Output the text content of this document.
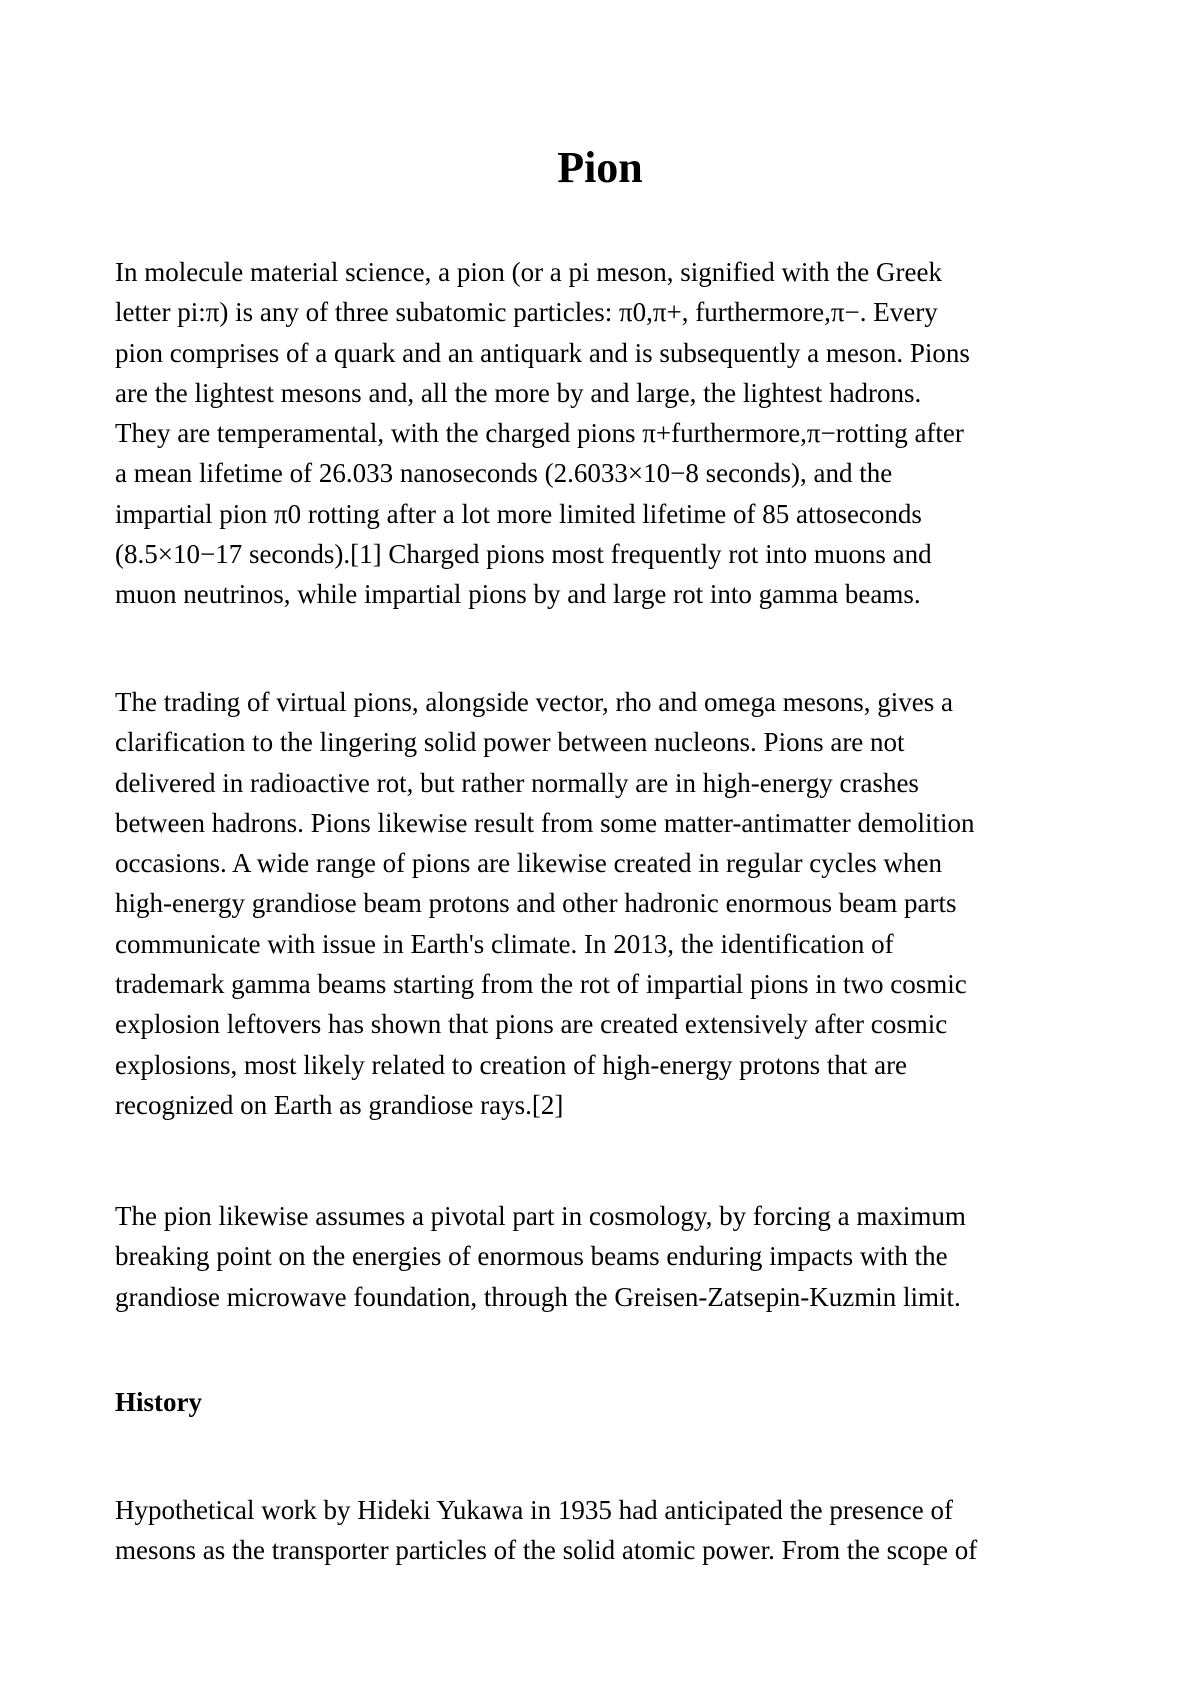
Pion

In molecule material science, a pion (or a pi meson, signified with the Greek
letter pi:π) is any of three subatomic particles: π0,π+, furthermore,π−. Every
pion comprises of a quark and an antiquark and is subsequently a meson. Pions
are the lightest mesons and, all the more by and large, the lightest hadrons.
They are temperamental, with the charged pions π+furthermore,π−rotting after
a mean lifetime of 26.033 nanoseconds (2.6033×10−8 seconds), and the
impartial pion π0 rotting after a lot more limited lifetime of 85 attoseconds
(8.5×10−17 seconds).[1] Charged pions most frequently rot into muons and
muon neutrinos, while impartial pions by and large rot into gamma beams.

The trading of virtual pions, alongside vector, rho and omega mesons, gives a
clarification to the lingering solid power between nucleons. Pions are not
delivered in radioactive rot, but rather normally are in high-energy crashes
between hadrons. Pions likewise result from some matter-antimatter demolition
occasions. A wide range of pions are likewise created in regular cycles when
high-energy grandiose beam protons and other hadronic enormous beam parts
communicate with issue in Earth's climate. In 2013, the identification of
trademark gamma beams starting from the rot of impartial pions in two cosmic
explosion leftovers has shown that pions are created extensively after cosmic
explosions, most likely related to creation of high-energy protons that are
recognized on Earth as grandiose rays.[2]

The pion likewise assumes a pivotal part in cosmology, by forcing a maximum
breaking point on the energies of enormous beams enduring impacts with the
grandiose microwave foundation, through the Greisen-Zatsepin-Kuzmin limit.

History

Hypothetical work by Hideki Yukawa in 1935 had anticipated the presence of
mesons as the transporter particles of the solid atomic power. From the scope of
